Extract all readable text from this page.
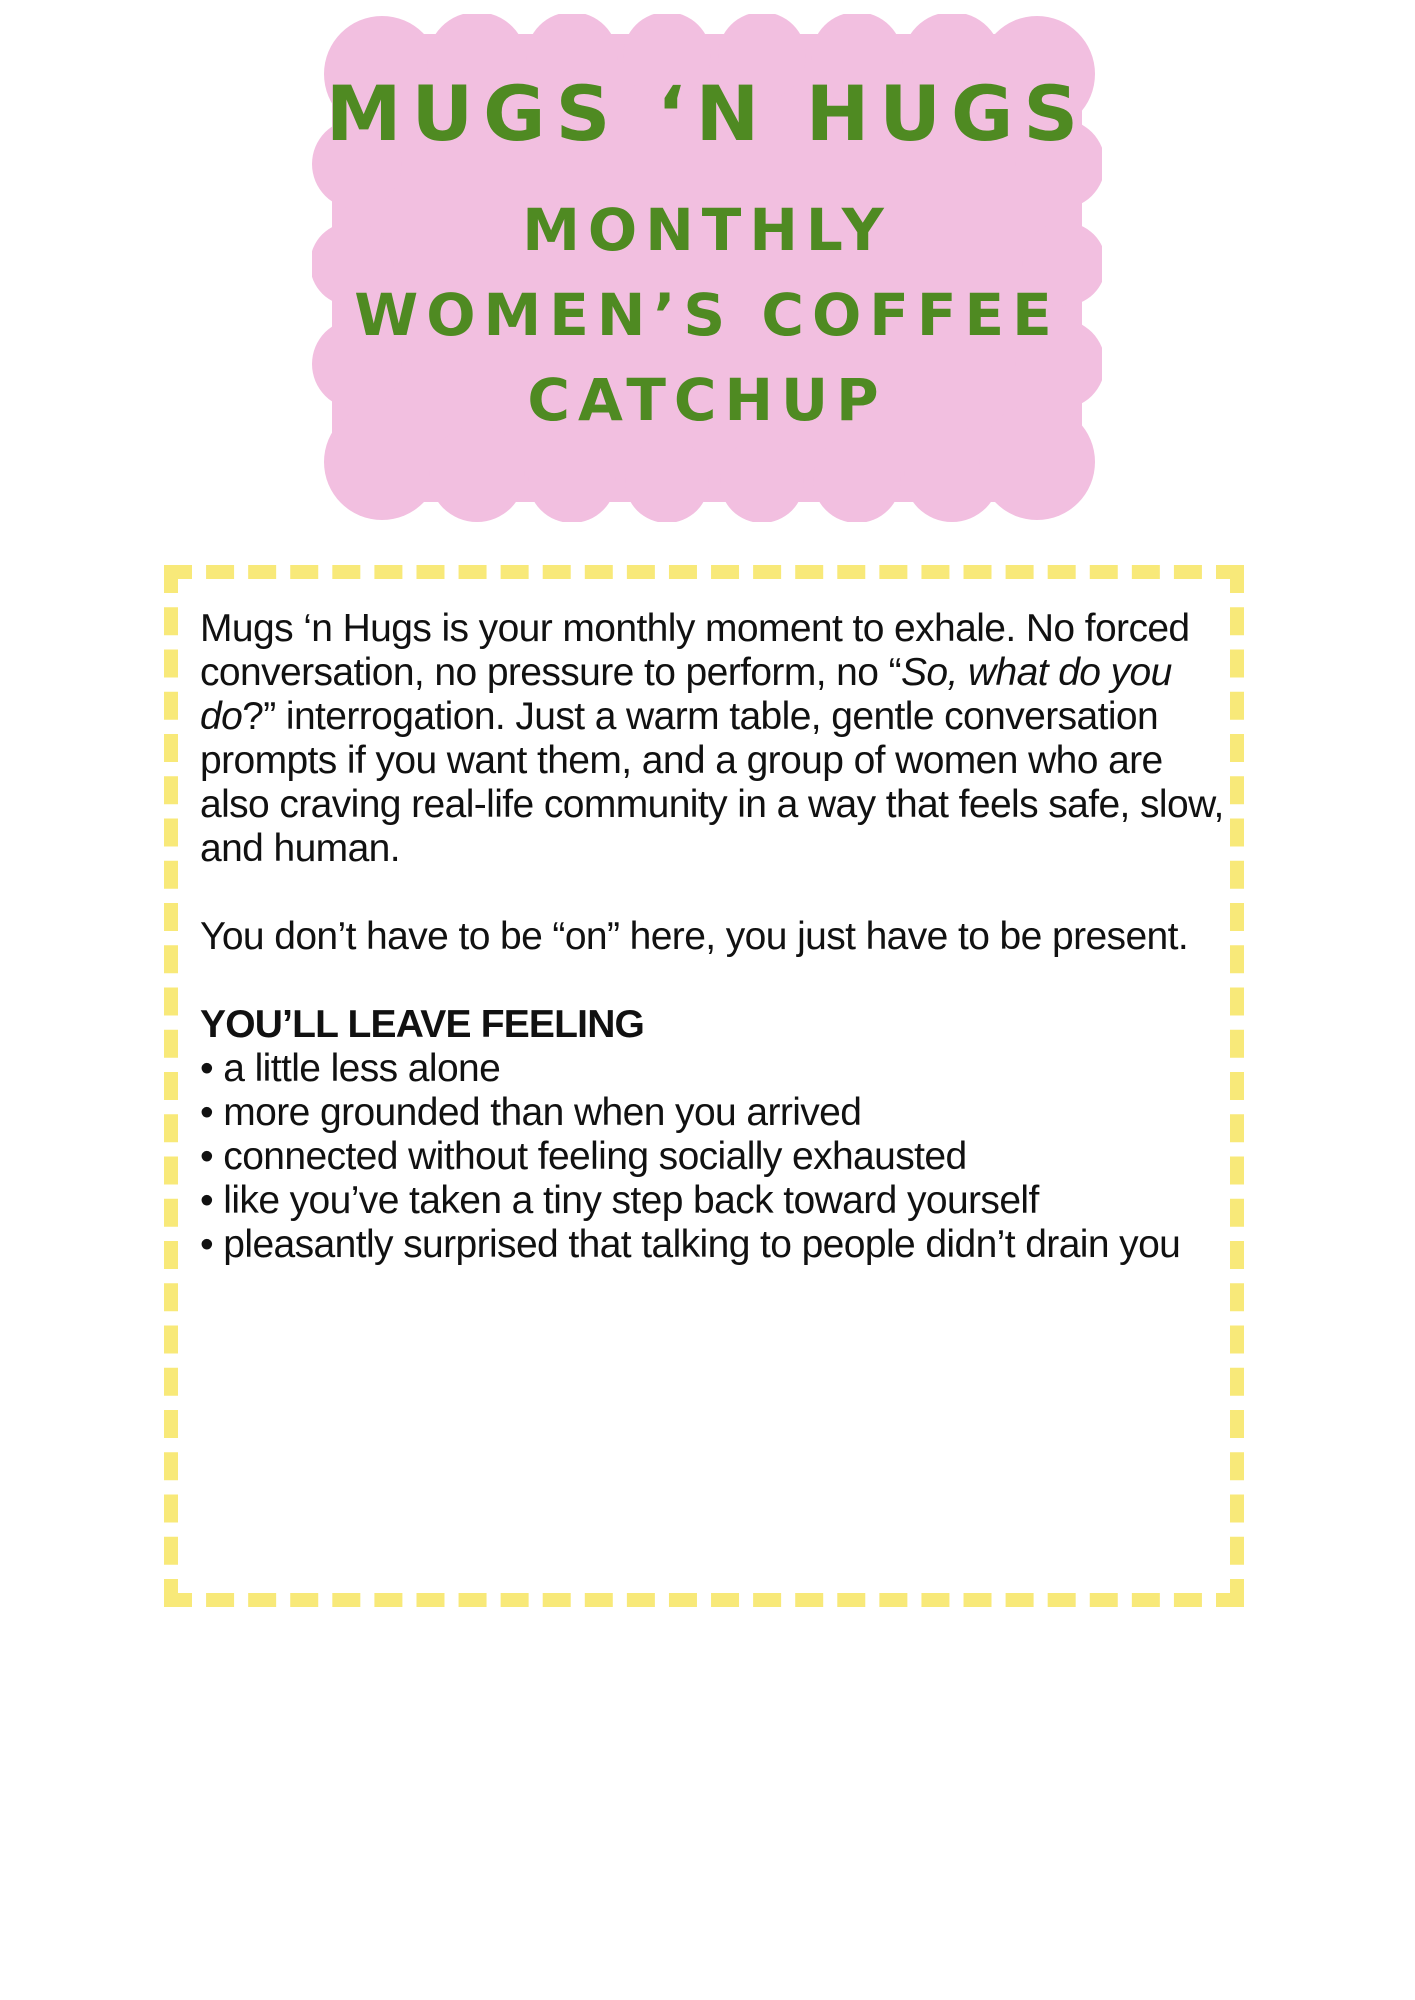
MUGS ‘N HUGS
MONTHLY
WOMEN’S COFFEE
CATCHUP

Mugs ‘n Hugs is your monthly moment to exhale. No forced conversation, no pressure to perform, no “So, what do you do?” interrogation. Just a warm table, gentle conversation prompts if you want them, and a group of women who are also craving real-life community in a way that feels safe, slow, and human.

You don’t have to be “on” here, you just have to be present.

YOU’LL LEAVE FEELING
• a little less alone
• more grounded than when you arrived
• connected without feeling socially exhausted
• like you’ve taken a tiny step back toward yourself
• pleasantly surprised that talking to people didn’t drain you
